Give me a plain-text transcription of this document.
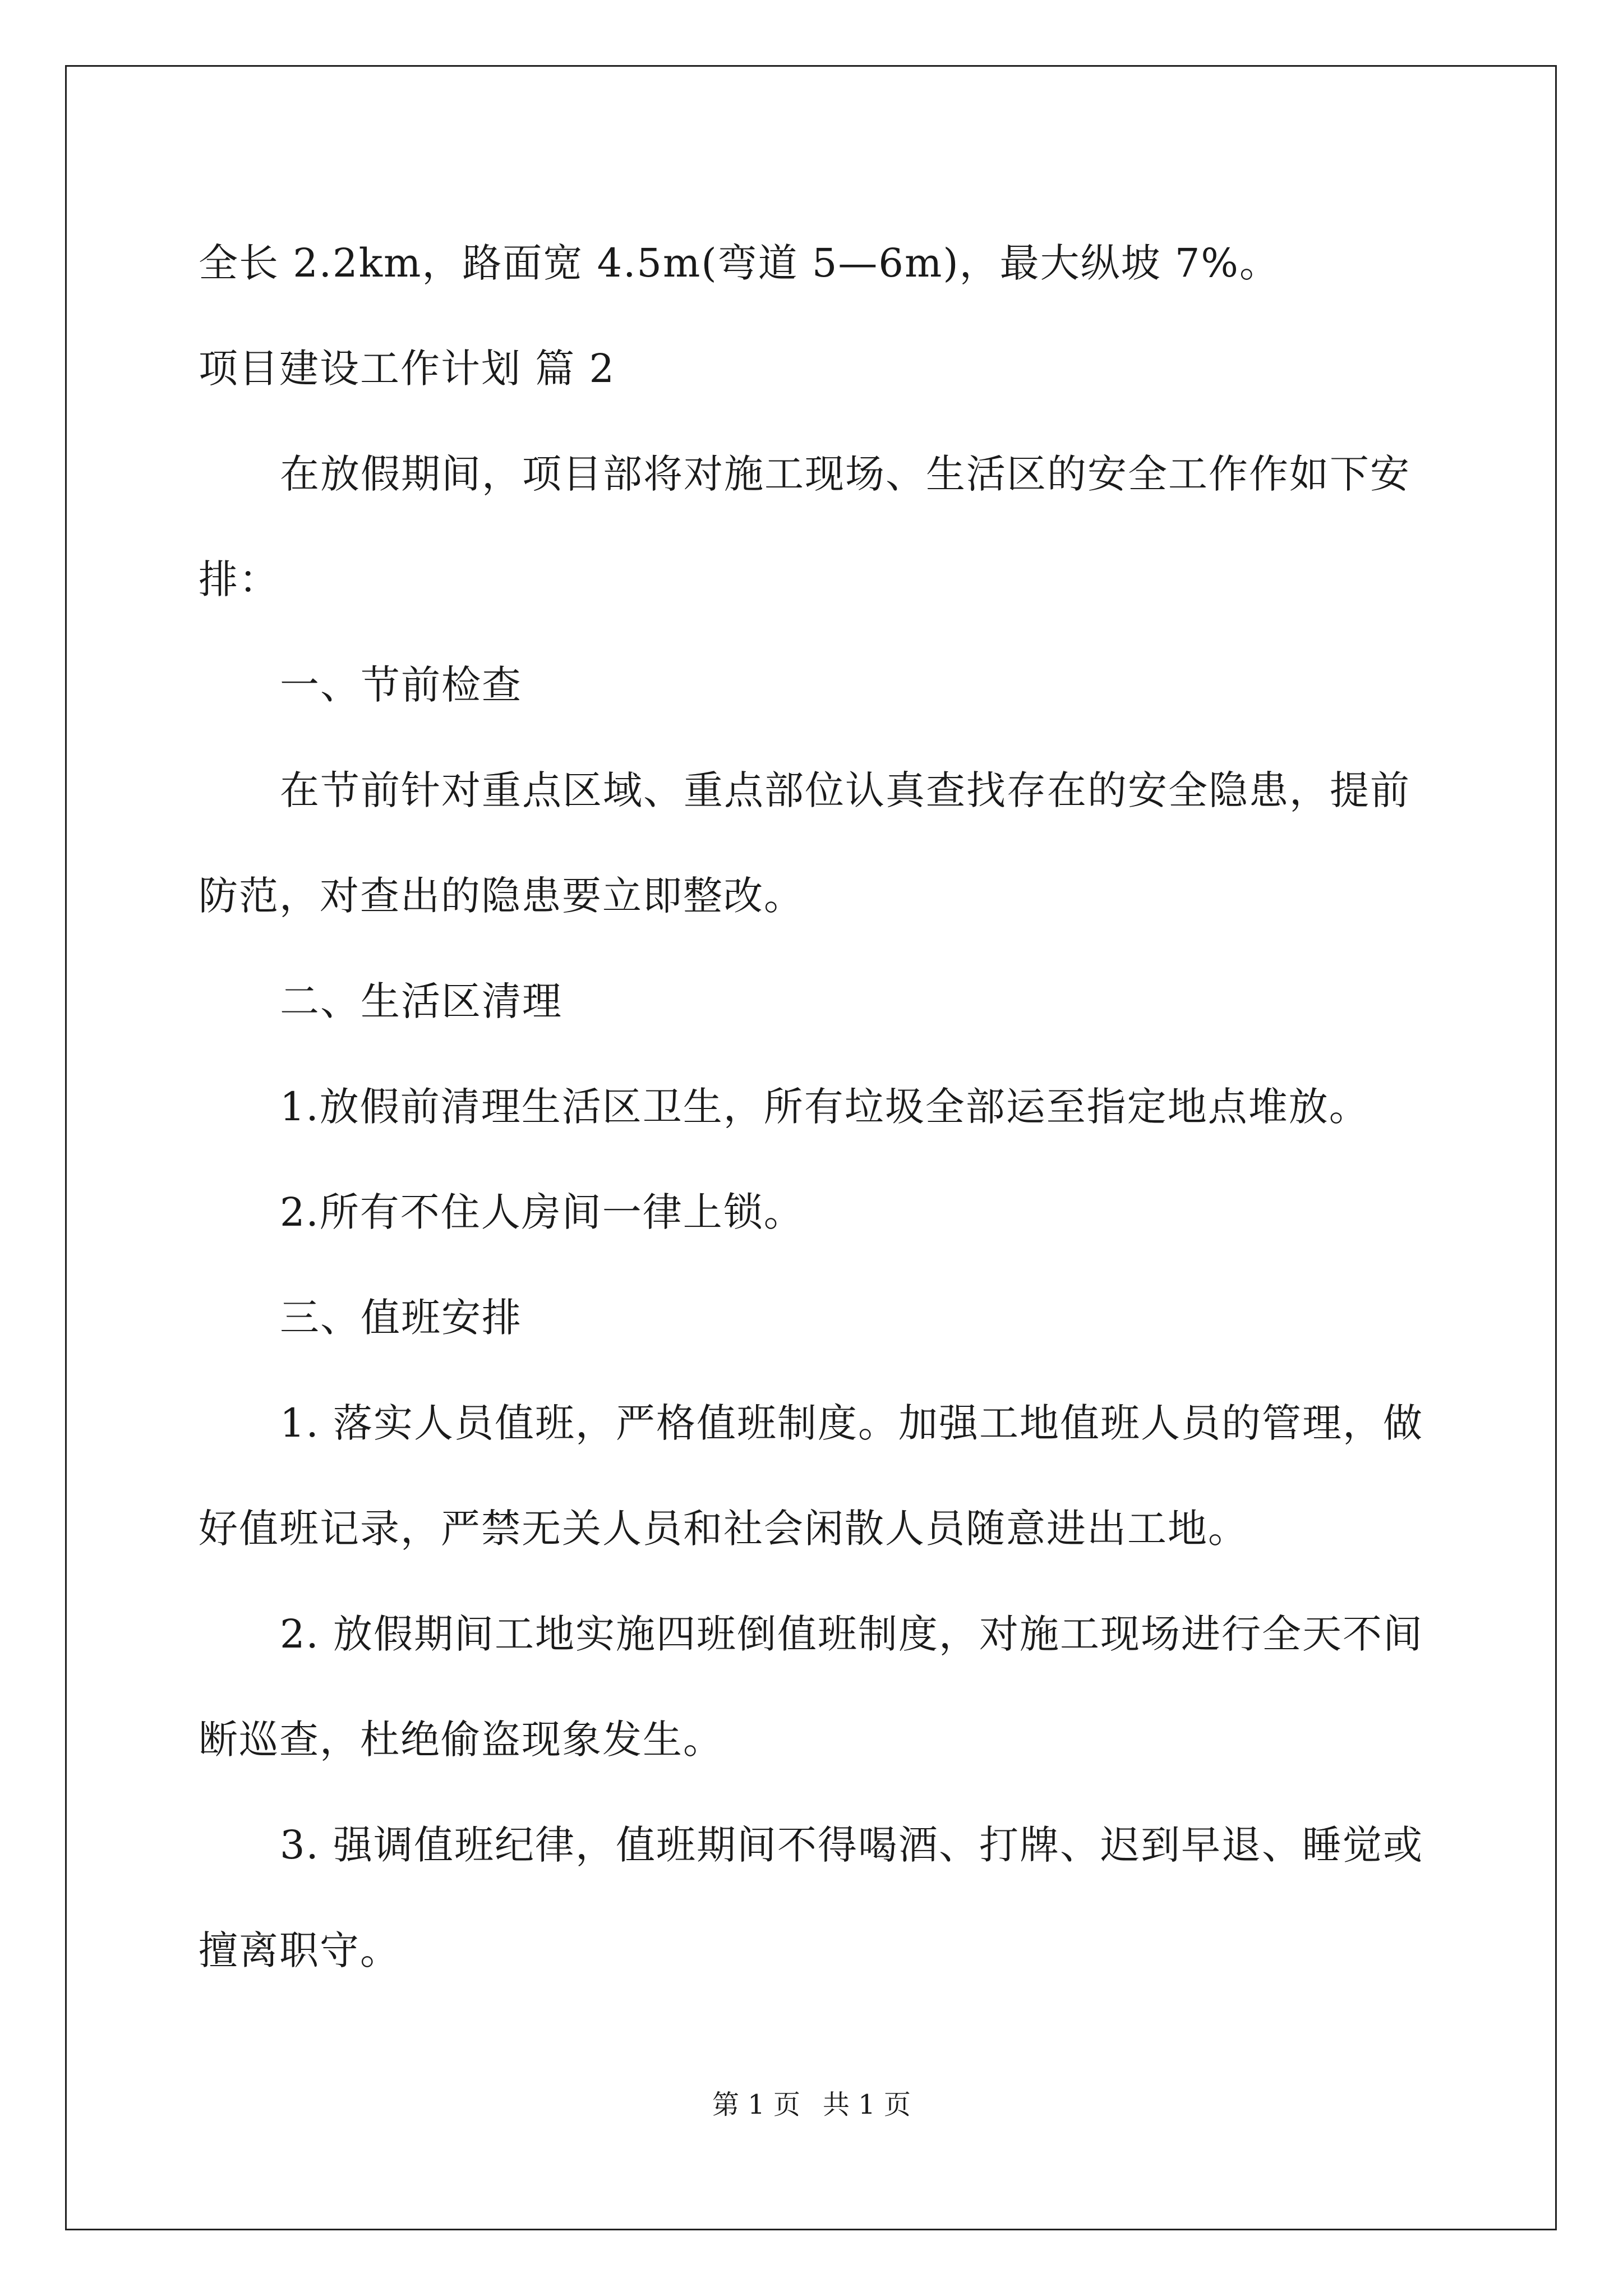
全长 2.2km，路面宽 4.5m(弯道 5—6m)，最大纵坡 7%。
项目建设工作计划 篇 2
在放假期间，项目部将对施工现场、生活区的安全工作作如下安
排：
一、节前检查
在节前针对重点区域、重点部位认真查找存在的安全隐患，提前
防范，对查出的隐患要立即整改。
二、生活区清理
1.放假前清理生活区卫生，所有垃圾全部运至指定地点堆放。
2.所有不住人房间一律上锁。
三、值班安排
1. 落实人员值班，严格值班制度。加强工地值班人员的管理，做
好值班记录，严禁无关人员和社会闲散人员随意进出工地。
2. 放假期间工地实施四班倒值班制度，对施工现场进行全天不间
断巡查，杜绝偷盗现象发生。
3. 强调值班纪律，值班期间不得喝酒、打牌、迟到早退、睡觉或
擅离职守。
第 1 页 共 1 页
